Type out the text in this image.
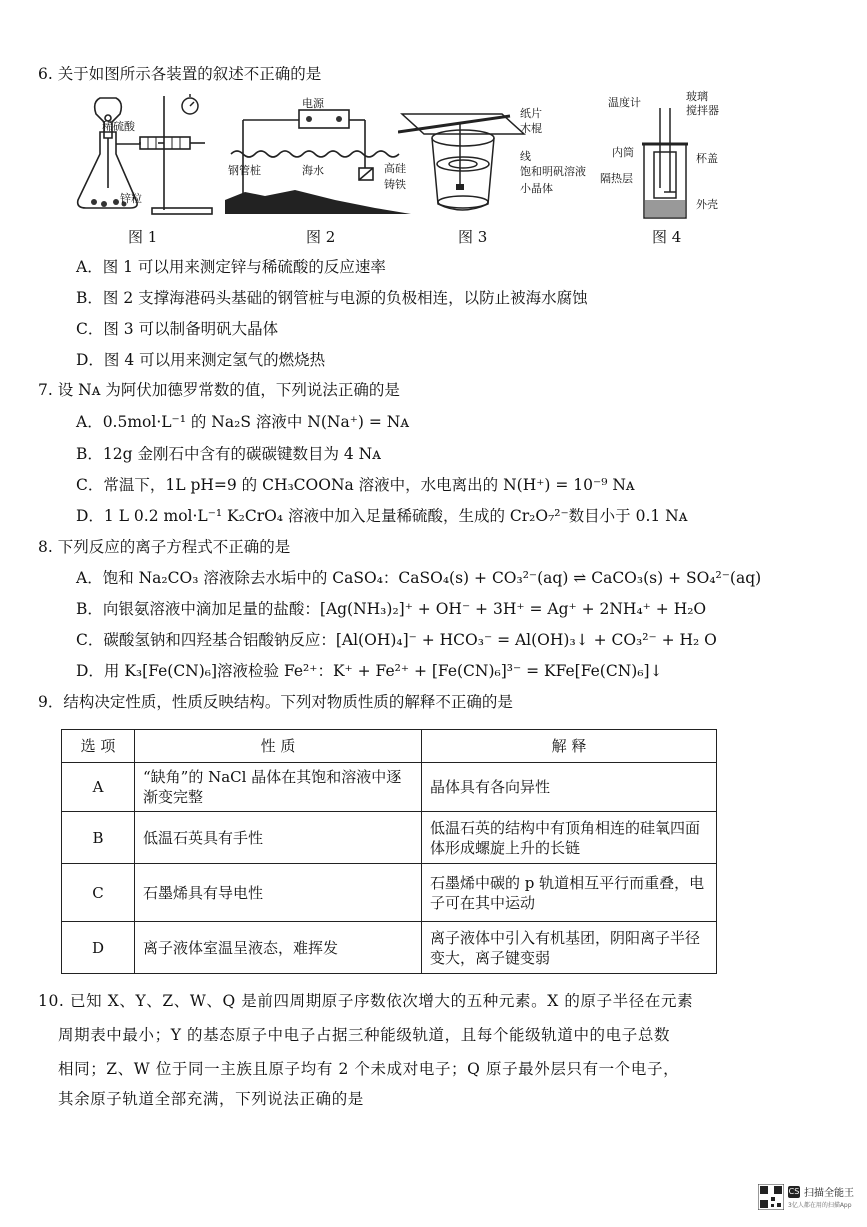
6. 关于如图所示各装置的叙述不正确的是
稀硫酸
锌粒
图 1
电源
钢管桩	海水	高硅
铸铁
图 2
纸片
木棍
线
饱和明矾溶液
小晶体
图 3
温度计	玻璃
搅拌器
内筒	杯盖
隔热层
外壳
图 4
A．图 1 可以用来测定锌与稀硫酸的反应速率
B．图 2 支撑海港码头基础的钢管桩与电源的负极相连，以防止被海水腐蚀
C．图 3 可以制备明矾大晶体
D．图 4 可以用来测定氢气的燃烧热
7. 设 Nᴀ 为阿伏加德罗常数的值，下列说法正确的是
A．0.5mol·L⁻¹ 的 Na₂S 溶液中 N(Na⁺) = Nᴀ
B．12g 金刚石中含有的碳碳键数目为 4 Nᴀ
C．常温下，1L pH=9 的 CH₃COONa 溶液中，水电离出的 N(H⁺) = 10⁻⁹ Nᴀ
D．1 L 0.2 mol·L⁻¹ K₂CrO₄ 溶液中加入足量稀硫酸，生成的 Cr₂O₇²⁻数目小于 0.1 Nᴀ
8. 下列反应的离子方程式不正确的是
A．饱和 Na₂CO₃ 溶液除去水垢中的 CaSO₄：CaSO₄(s) + CO₃²⁻(aq) ⇌ CaCO₃(s) + SO₄²⁻(aq)
B．向银氨溶液中滴加足量的盐酸：[Ag(NH₃)₂]⁺ + OH⁻ + 3H⁺ = Ag⁺ + 2NH₄⁺ + H₂O
C．碳酸氢钠和四羟基合铝酸钠反应：[Al(OH)₄]⁻ + HCO₃⁻ = Al(OH)₃↓ + CO₃²⁻ + H₂ O
D．用 K₃[Fe(CN)₆]溶液检验 Fe²⁺：K⁺ + Fe²⁺ + [Fe(CN)₆]³⁻ = KFe[Fe(CN)₆]↓
9．结构决定性质，性质反映结构。下列对物质性质的解释不正确的是
选 项	性 质	解 释
A	“缺角”的 NaCl 晶体在其饱和溶液中逐渐变完整	晶体具有各向异性
B	低温石英具有手性	低温石英的结构中有顶角相连的硅氧四面体形成螺旋上升的长链
C	石墨烯具有导电性	石墨烯中碳的 p 轨道相互平行而重叠，电子可在其中运动
D	离子液体室温呈液态，难挥发	离子液体中引入有机基团，阴阳离子半径变大，离子键变弱
10. 已知 X、Y、Z、W、Q 是前四周期原子序数依次增大的五种元素。X 的原子半径在元素
周期表中最小；Y 的基态原子中电子占据三种能级轨道，且每个能级轨道中的电子总数
相同；Z、W 位于同一主族且原子均有 2 个未成对电子；Q 原子最外层只有一个电子，
其余原子轨道全部充满，下列说法正确的是
CS 扫描全能王
3亿人都在用的扫描App
